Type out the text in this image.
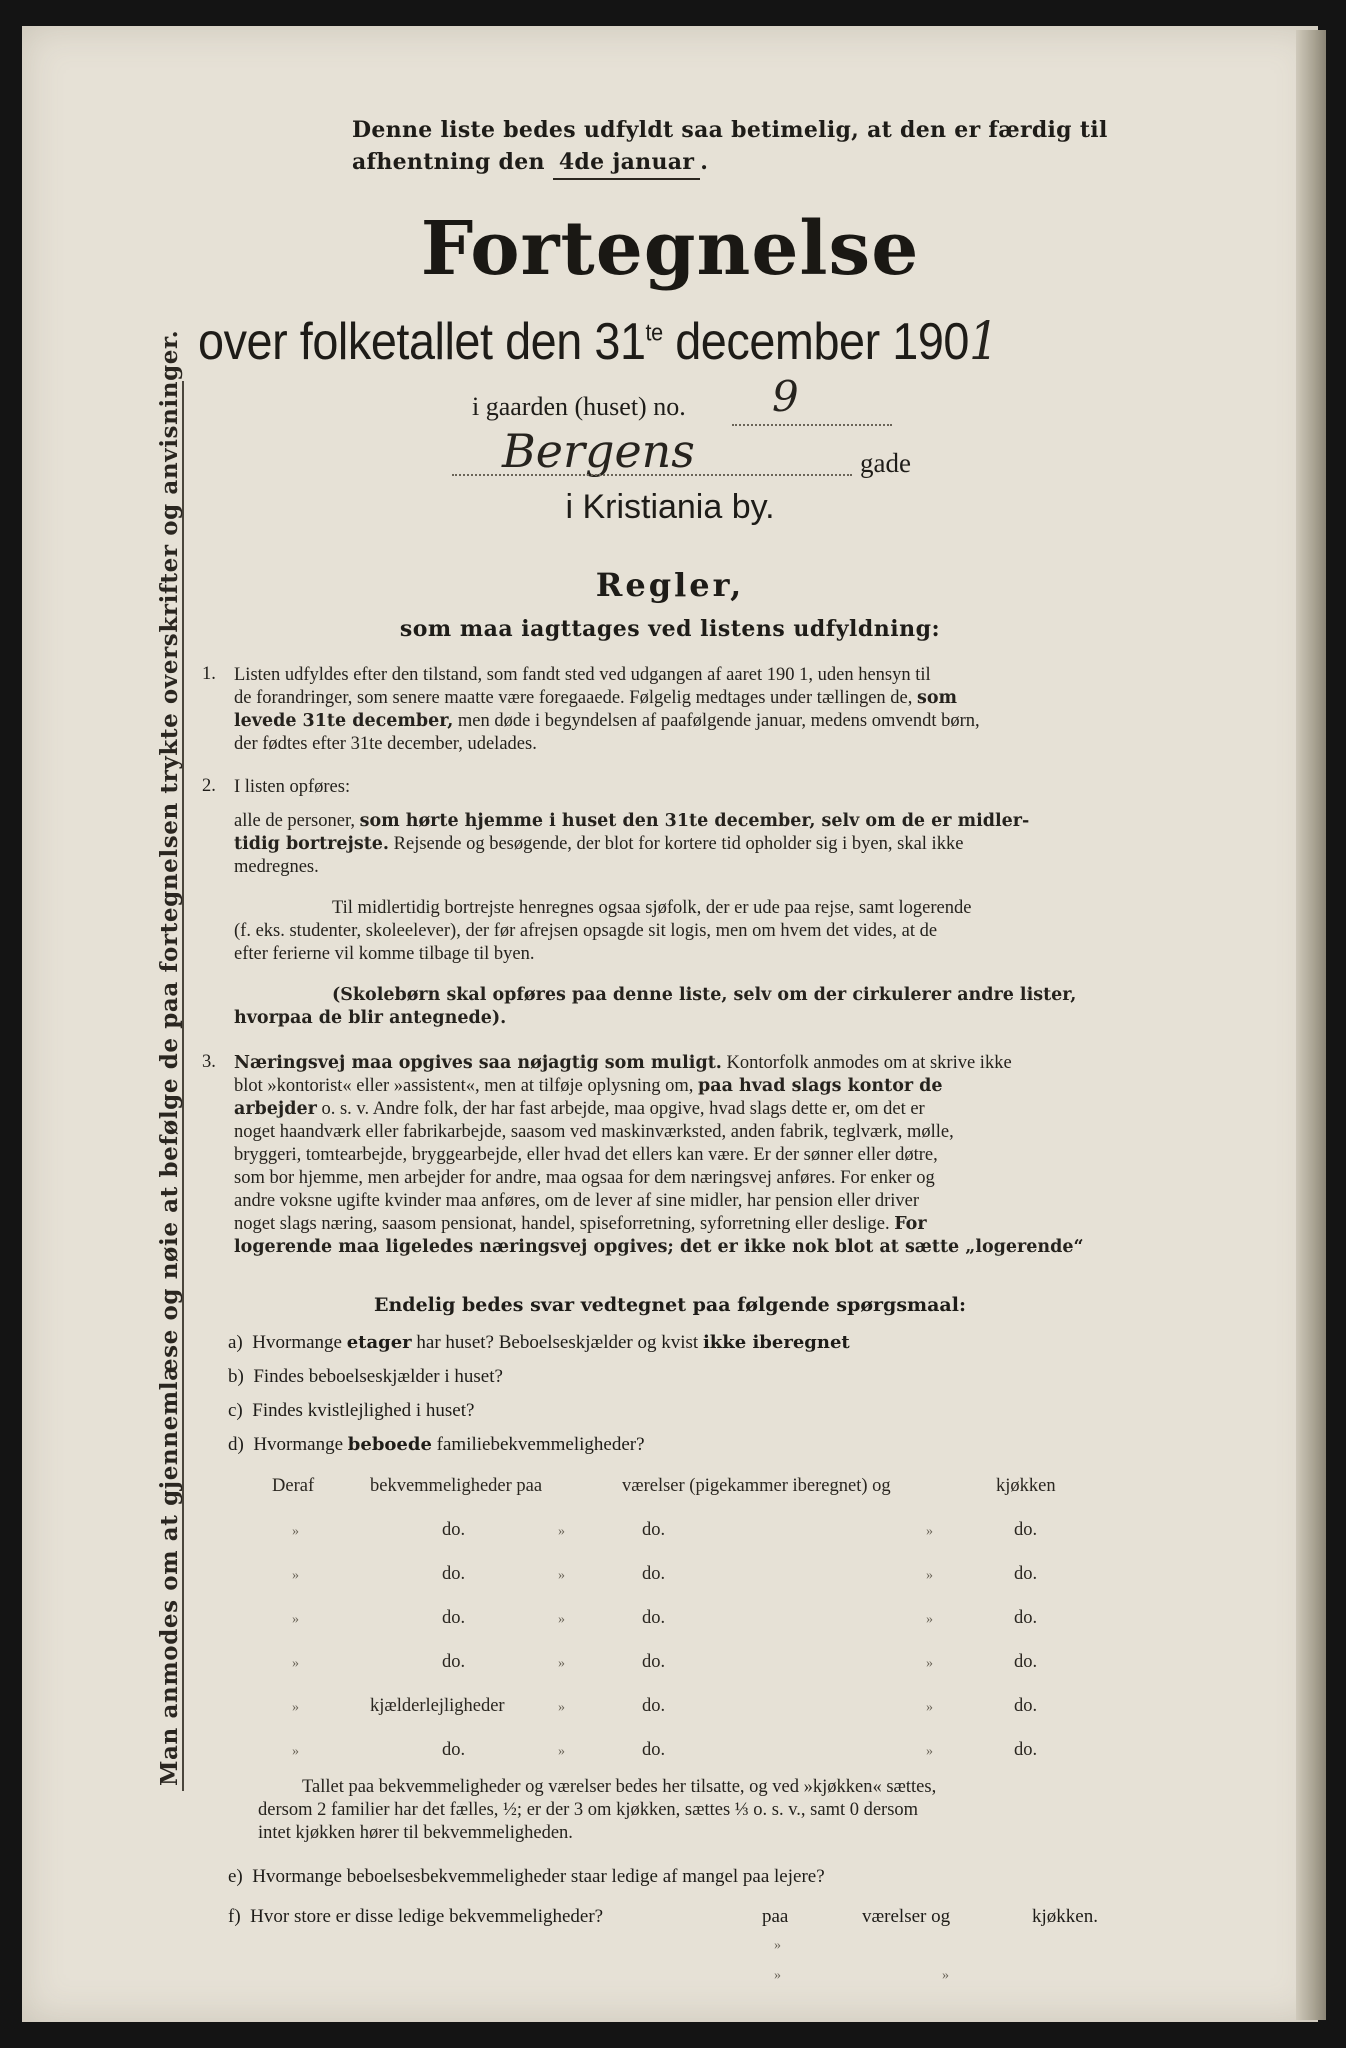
Man anmodes om at gjennemlæse og nøie at befølge de paa fortegnelsen trykte overskrifter og anvisninger.
Denne liste bedes udfyldt saa betimelig, at den er færdig til
afhentning den 4de januar .
Fortegnelse
over folketallet den $31^{te}$ december 1901
i gaarden (huset) no. 9
Bergens	gade
i Kristiania by.
Regler,
som maa iagttages ved listens udfyldning:
1. Listen udfyldes efter den tilstand, som fandt sted ved udgangen af aaret 190 1, uden hensyn til
de forandringer, som senere maatte være foregaaede. Følgelig medtages under tællingen de, som
levede 31te december, men døde i begyndelsen af paafølgende januar, medens omvendt børn,
der fødtes efter 31te december, udelades.
2. I listen opføres:
alle de personer, som hørte hjemme i huset den 31te december, selv om de er midler-
tidig bortrejste. Rejsende og besøgende, der blot for kortere tid opholder sig i byen, skal ikke
medregnes.
Til midlertidig bortrejste henregnes ogsaa sjøfolk, der er ude paa rejse, samt logerende
(f. eks. studenter, skoleelever), der før afrejsen opsagde sit logis, men om hvem det vides, at de
efter ferierne vil komme tilbage til byen.
(Skolebørn skal opføres paa denne liste, selv om der cirkulerer andre lister,
hvorpaa de blir antegnede).
3. Næringsvej maa opgives saa nøjagtig som muligt. Kontorfolk anmodes om at skrive ikke
blot »kontorist« eller »assistent«, men at tilføje oplysning om, paa hvad slags kontor de
arbejder o. s. v. Andre folk, der har fast arbejde, maa opgive, hvad slags dette er, om det er
noget haandværk eller fabrikarbejde, saasom ved maskinværksted, anden fabrik, teglværk, mølle,
bryggeri, tomtearbejde, bryggearbejde, eller hvad det ellers kan være. Er der sønner eller døtre,
som bor hjemme, men arbejder for andre, maa ogsaa for dem næringsvej anføres. For enker og
andre voksne ugifte kvinder maa anføres, om de lever af sine midler, har pension eller driver
noget slags næring, saasom pensionat, handel, spiseforretning, syforretning eller deslige. For
logerende maa ligeledes næringsvej opgives; det er ikke nok blot at sætte „logerende“
Endelig bedes svar vedtegnet paa følgende spørgsmaal:
a) Hvormange etager har huset? Beboelseskjælder og kvist ikke iberegnet
b) Findes beboelseskjælder i huset?
c) Findes kvistlejlighed i huset?
d) Hvormange beboede familiebekvemmeligheder?
Deraf	bekvemmeligheder paa	værelser (pigekammer iberegnet) og	kjøkken
»	do.	»	do.	»	do.
»	do.	»	do.	»	do.
»	do.	»	do.	»	do.
»	do.	»	do.	»	do.
»	kjælderlejligheder	»	do.	»	do.
»	do.	»	do.	»	do.
Tallet paa bekvemmeligheder og værelser bedes her tilsatte, og ved »kjøkken« sættes,
dersom 2 familier har det fælles, ½; er der 3 om kjøkken, sættes ⅓ o. s. v., samt 0 dersom
intet kjøkken hører til bekvemmeligheden.
e) Hvormange beboelsesbekvemmeligheder staar ledige af mangel paa lejere?
f) Hvor store er disse ledige bekvemmeligheder?	paa	værelser og	kjøkken.
»
»	»
